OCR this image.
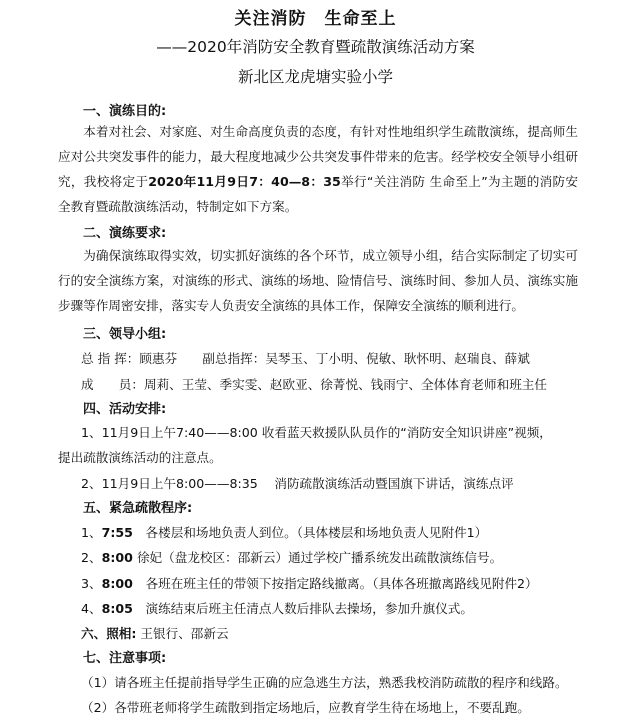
关注消防　生命至上
——2020年消防安全教育暨疏散演练活动方案
新北区龙虎塘实验小学
一、演练目的:
本着对社会、对家庭、对生命高度负责的态度，有针对性地组织学生疏散演练，提高师生应对公共突发事件的能力，最大程度地减少公共突发事件带来的危害。经学校安全领导小组研究，我校将定于2020年11月9日7：40—8：35举行“关注消防 生命至上”为主题的消防安全教育暨疏散演练活动，特制定如下方案。
二、演练要求:
为确保演练取得实效，切实抓好演练的各个环节，成立领导小组，结合实际制定了切实可行的安全演练方案，对演练的形式、演练的场地、险情信号、演练时间、参加人员、演练实施步骤等作周密安排，落实专人负责安全演练的具体工作，保障安全演练的顺利进行。
三、领导小组:
总 指 挥：顾惠芬　　副总指挥：吴琴玉、丁小明、倪敏、耿怀明、赵瑞良、薛斌
成　　员：周莉、王莹、季实雯、赵欧亚、徐菁悦、钱雨宁、全体体育老师和班主任
四、活动安排:
1、11月9日上午7:40——8:00 收看蓝天救援队队员作的“消防安全知识讲座”视频，
提出疏散演练活动的注意点。
2、11月9日上午8:00——8:35　 消防疏散演练活动暨国旗下讲话，演练点评
五、紧急疏散程序:
1、7:55　各楼层和场地负责人到位。（具体楼层和场地负责人见附件1）
2、8:00 徐妃（盘龙校区：邵新云）通过学校广播系统发出疏散演练信号。
3、8:00　各班在班主任的带领下按指定路线撤离。（具体各班撤离路线见附件2）
4、8:05　演练结束后班主任清点人数后排队去操场，参加升旗仪式。
六、照相: 王银行、邵新云
七、注意事项:
（1）请各班主任提前指导学生正确的应急逃生方法，熟悉我校消防疏散的程序和线路。
（2）各带班老师将学生疏散到指定场地后，应教育学生待在场地上，不要乱跑。
